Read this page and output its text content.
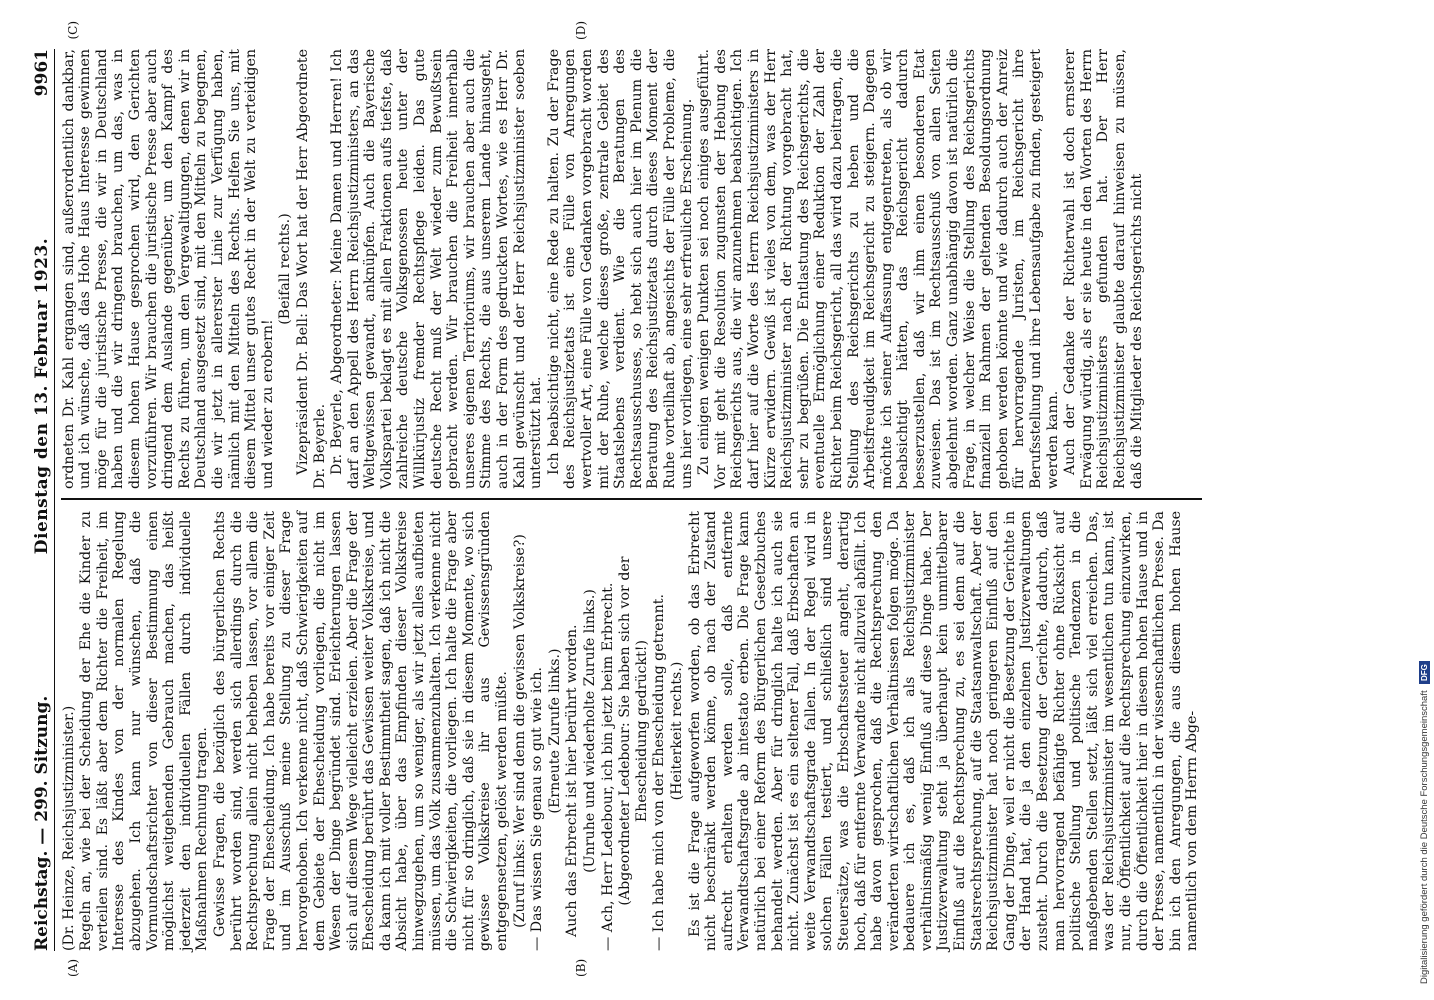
Reichstag. — 299. Sitzung.
Dienstag den 13. Februar 1923.
9961
(A)	(B)

(Dr. Heinze, Reichsjustizminister.) Regeln an, wie bei der Scheidung der Ehe die Kinder zu verteilen sind. Es läßt aber dem Richter die Freiheit, im Interesse des Kindes von der normalen Regelung abzugehen. Ich kann nur wünschen, daß die Vormundschaftsrichter von dieser Bestimmung einen möglichst weitgehenden Gebrauch machen, das heißt jederzeit den individuellen Fällen durch individuelle Maßnahmen Rechnung tragen. Gewisse Fragen, die bezüglich des bürgerlichen Rechts berührt worden sind, werden sich allerdings durch die Rechtsprechung allein nicht beheben lassen, vor allem die Frage der Ehescheidung. Ich habe bereits vor einiger Zeit und im Ausschuß meine Stellung zu dieser Frage hervorgehoben. Ich verkenne nicht, daß Schwierigkeiten auf dem Gebiete der Ehescheidung vorliegen, die nicht im Wesen der Dinge begründet sind. Erleichterungen lassen sich auf diesem Wege vielleicht erzielen. Aber die Frage der Ehescheidung berührt das Gewissen weiter Volkskreise, und da kann ich mit voller Bestimmtheit sagen, daß ich nicht die Absicht habe, über das Empfinden dieser Volkskreise hinwegzugehen, um so weniger, als wir jetzt alles aufbieten müssen, um das Volk zusammenzuhalten. Ich verkenne nicht die Schwierigkeiten, die vorliegen. Ich halte die Frage aber nicht für so dringlich, daß sie in diesem Momente, wo sich gewisse Volkskreise ihr aus Gewissensgründen entgegensetzen, gelöst werden müßte. (Zuruf links: Wer sind denn die gewissen Volkskreise?) — Das wissen Sie genau so gut wie ich. (Erneute Zurufe links.) Auch das Erbrecht ist hier berührt worden. (Unruhe und wiederholte Zurufe links.) — Ach, Herr Ledebour, ich bin jetzt beim Erbrecht. (Abgeordneter Ledebour: Sie haben sich vor der Ehescheidung gedrückt!) — Ich habe mich von der Ehescheidung getrennt. (Heiterkeit rechts.) Es ist die Frage aufgeworfen worden, ob das Erbrecht nicht beschränkt werden könne, ob nach der Zustand aufrecht erhalten werden solle, daß entfernte Verwandtschaftsgrade ab intestato erben. Die Frage kann natürlich bei einer Reform des Bürgerlichen Gesetzbuches behandelt werden. Aber für dringlich halte ich auch sie nicht. Zunächst ist es ein seltener Fall, daß Erbschaften an weite Verwandtschaftsgrade fallen. In der Regel wird in solchen Fällen testiert, und schließlich sind unsere Steuersätze, was die Erbschaftssteuer angeht, derartig hoch, daß für entfernte Verwandte nicht allzuviel abfällt. Ich habe davon gesprochen, daß die Rechtsprechung den veränderten wirtschaftlichen Verhältnissen folgen möge. Da bedauere ich es, daß ich als Reichsjustizminister verhältnismäßig wenig Einfluß auf diese Dinge habe. Der Justizverwaltung steht ja überhaupt kein unmittelbarer Einfluß auf die Rechtsprechung zu, es sei denn auf die Staatsrechtsprechung, auf die Staatsanwaltschaft. Aber der Reichsjustizminister hat noch geringeren Einfluß auf den Gang der Dinge, weil er nicht die Besetzung der Gerichte in der Hand hat, die ja den einzelnen Justizverwaltungen zusteht. Durch die Besetzung der Gerichte, dadurch, daß man hervorragend befähigte Richter ohne Rücksicht auf politische Stellung und politische Tendenzen in die maßgebenden Stellen setzt, läßt sich viel erreichen. Das, was der Reichsjustizminister im wesentlichen tun kann, ist nur, die Öffentlichkeit auf die Rechtsprechung einzuwirken, durch die Öffentlichkeit hier in diesem hohen Hause und in der Presse, namentlich in der wissenschaftlichen Presse. Da bin ich den Anregungen, die aus diesem hohen Hause namentlich von dem Herrn Abge-

ordneten Dr. Kahl ergangen sind, außerordentlich dankbar, und ich wünsche, daß das Hohe Haus Interesse gewinnen möge für die juristische Presse, die wir in Deutschland haben und die wir dringend brauchen, um das, was in diesem hohen Hause gesprochen wird, den Gerichten vorzuführen. Wir brauchen die juristische Presse aber auch dringend dem Auslande gegenüber, um den Kampf des Rechts zu führen, um den Vergewaltigungen, denen wir in Deutschland ausgesetzt sind, mit den Mitteln zu begegnen, die wir jetzt in allererster Linie zur Verfügung haben, nämlich mit den Mitteln des Rechts. Helfen Sie uns, mit diesem Mittel unser gutes Recht in der Welt zu verteidigen und wieder zu erobern!

(Beifall rechts.) Vizepräsident Dr. Bell: Das Wort hat der Herr Abgeordnete Dr. Beyerle. Dr. Beyerle, Abgeordneter: Meine Damen und Herren! Ich darf an den Appell des Herrn Reichsjustizministers, an das Weltgewissen gewandt, anknüpfen. Auch die Bayerische Volkspartei beklagt es mit allen Fraktionen aufs tiefste, daß zahlreiche deutsche Volksgenossen heute unter der Willkürjustiz fremder Rechtspflege leiden. Das gute deutsche Recht muß der Welt wieder zum Bewußtsein gebracht werden. Wir brauchen die Freiheit innerhalb unseres eigenen Territoriums, wir brauchen aber auch die Stimme des Rechts, die aus unserem Lande hinausgeht, auch in der Form des gedruckten Wortes, wie es Herr Dr. Kahl gewünscht und der Herr Reichsjustizminister soeben unterstützt hat. Ich beabsichtige nicht, eine Rede zu halten. Zu der Frage des Reichsjustizetats ist eine Fülle von Anregungen wertvoller Art, eine Fülle von Gedanken vorgebracht worden mit der Ruhe, welche dieses große, zentrale Gebiet des Staatslebens verdient. Wie die Beratungen des Rechtsausschusses, so hebt sich auch hier im Plenum die Beratung des Reichsjustizetats durch dieses Moment der Ruhe vorteilhaft ab, angesichts der Fülle der Probleme, die uns hier vorliegen, eine sehr erfreuliche Erscheinung. Zu einigen wenigen Punkten sei noch einiges ausgeführt. Vor mit geht die Resolution zugunsten der Hebung des Reichsgerichts aus, die wir anzunehmen beabsichtigen. Ich darf hier auf die Worte des Herrn Reichsjustizministers in Kürze erwidern. Gewiß ist vieles von dem, was der Herr Reichsjustizminister nach der Richtung vorgebracht hat, sehr zu begrüßen. Die Entlastung des Reichsgerichts, die eventuelle Ermöglichung einer Reduktion der Zahl der Richter beim Reichsgericht, all das wird dazu beitragen, die Stellung des Reichsgerichts zu heben und die Arbeitsfreudigkeit im Reichsgericht zu steigern. Dagegen möchte ich seiner Auffassung entgegentreten, als ob wir beabsichtigt hätten, das Reichsgericht dadurch besserzustellen, daß wir ihm einen besonderen Etat zuweisen. Das ist im Rechtsausschuß von allen Seiten abgelehnt worden. Ganz unabhängig davon ist natürlich die Frage, in welcher Weise die Stellung des Reichsgerichts finanziell im Rahmen der geltenden Besoldungsordnung gehoben werden könnte und wie dadurch auch der Anreiz für hervorragende Juristen, im Reichsgericht ihre Berufsstellung und ihre Lebensaufgabe zu finden, gesteigert werden kann. Auch der Gedanke der Richterwahl ist doch ernsterer Erwägung würdig, als er sie heute in den Worten des Herrn Reichsjustizministers gefunden hat. Der Herr Reichsjustizminister glaubte darauf hinweisen zu müssen, daß die Mitglieder des Reichsgerichts nicht

(C)	(D)
Digitalisierung gefördert durch die Deutsche Forschungsgemeinschaft
DFG
